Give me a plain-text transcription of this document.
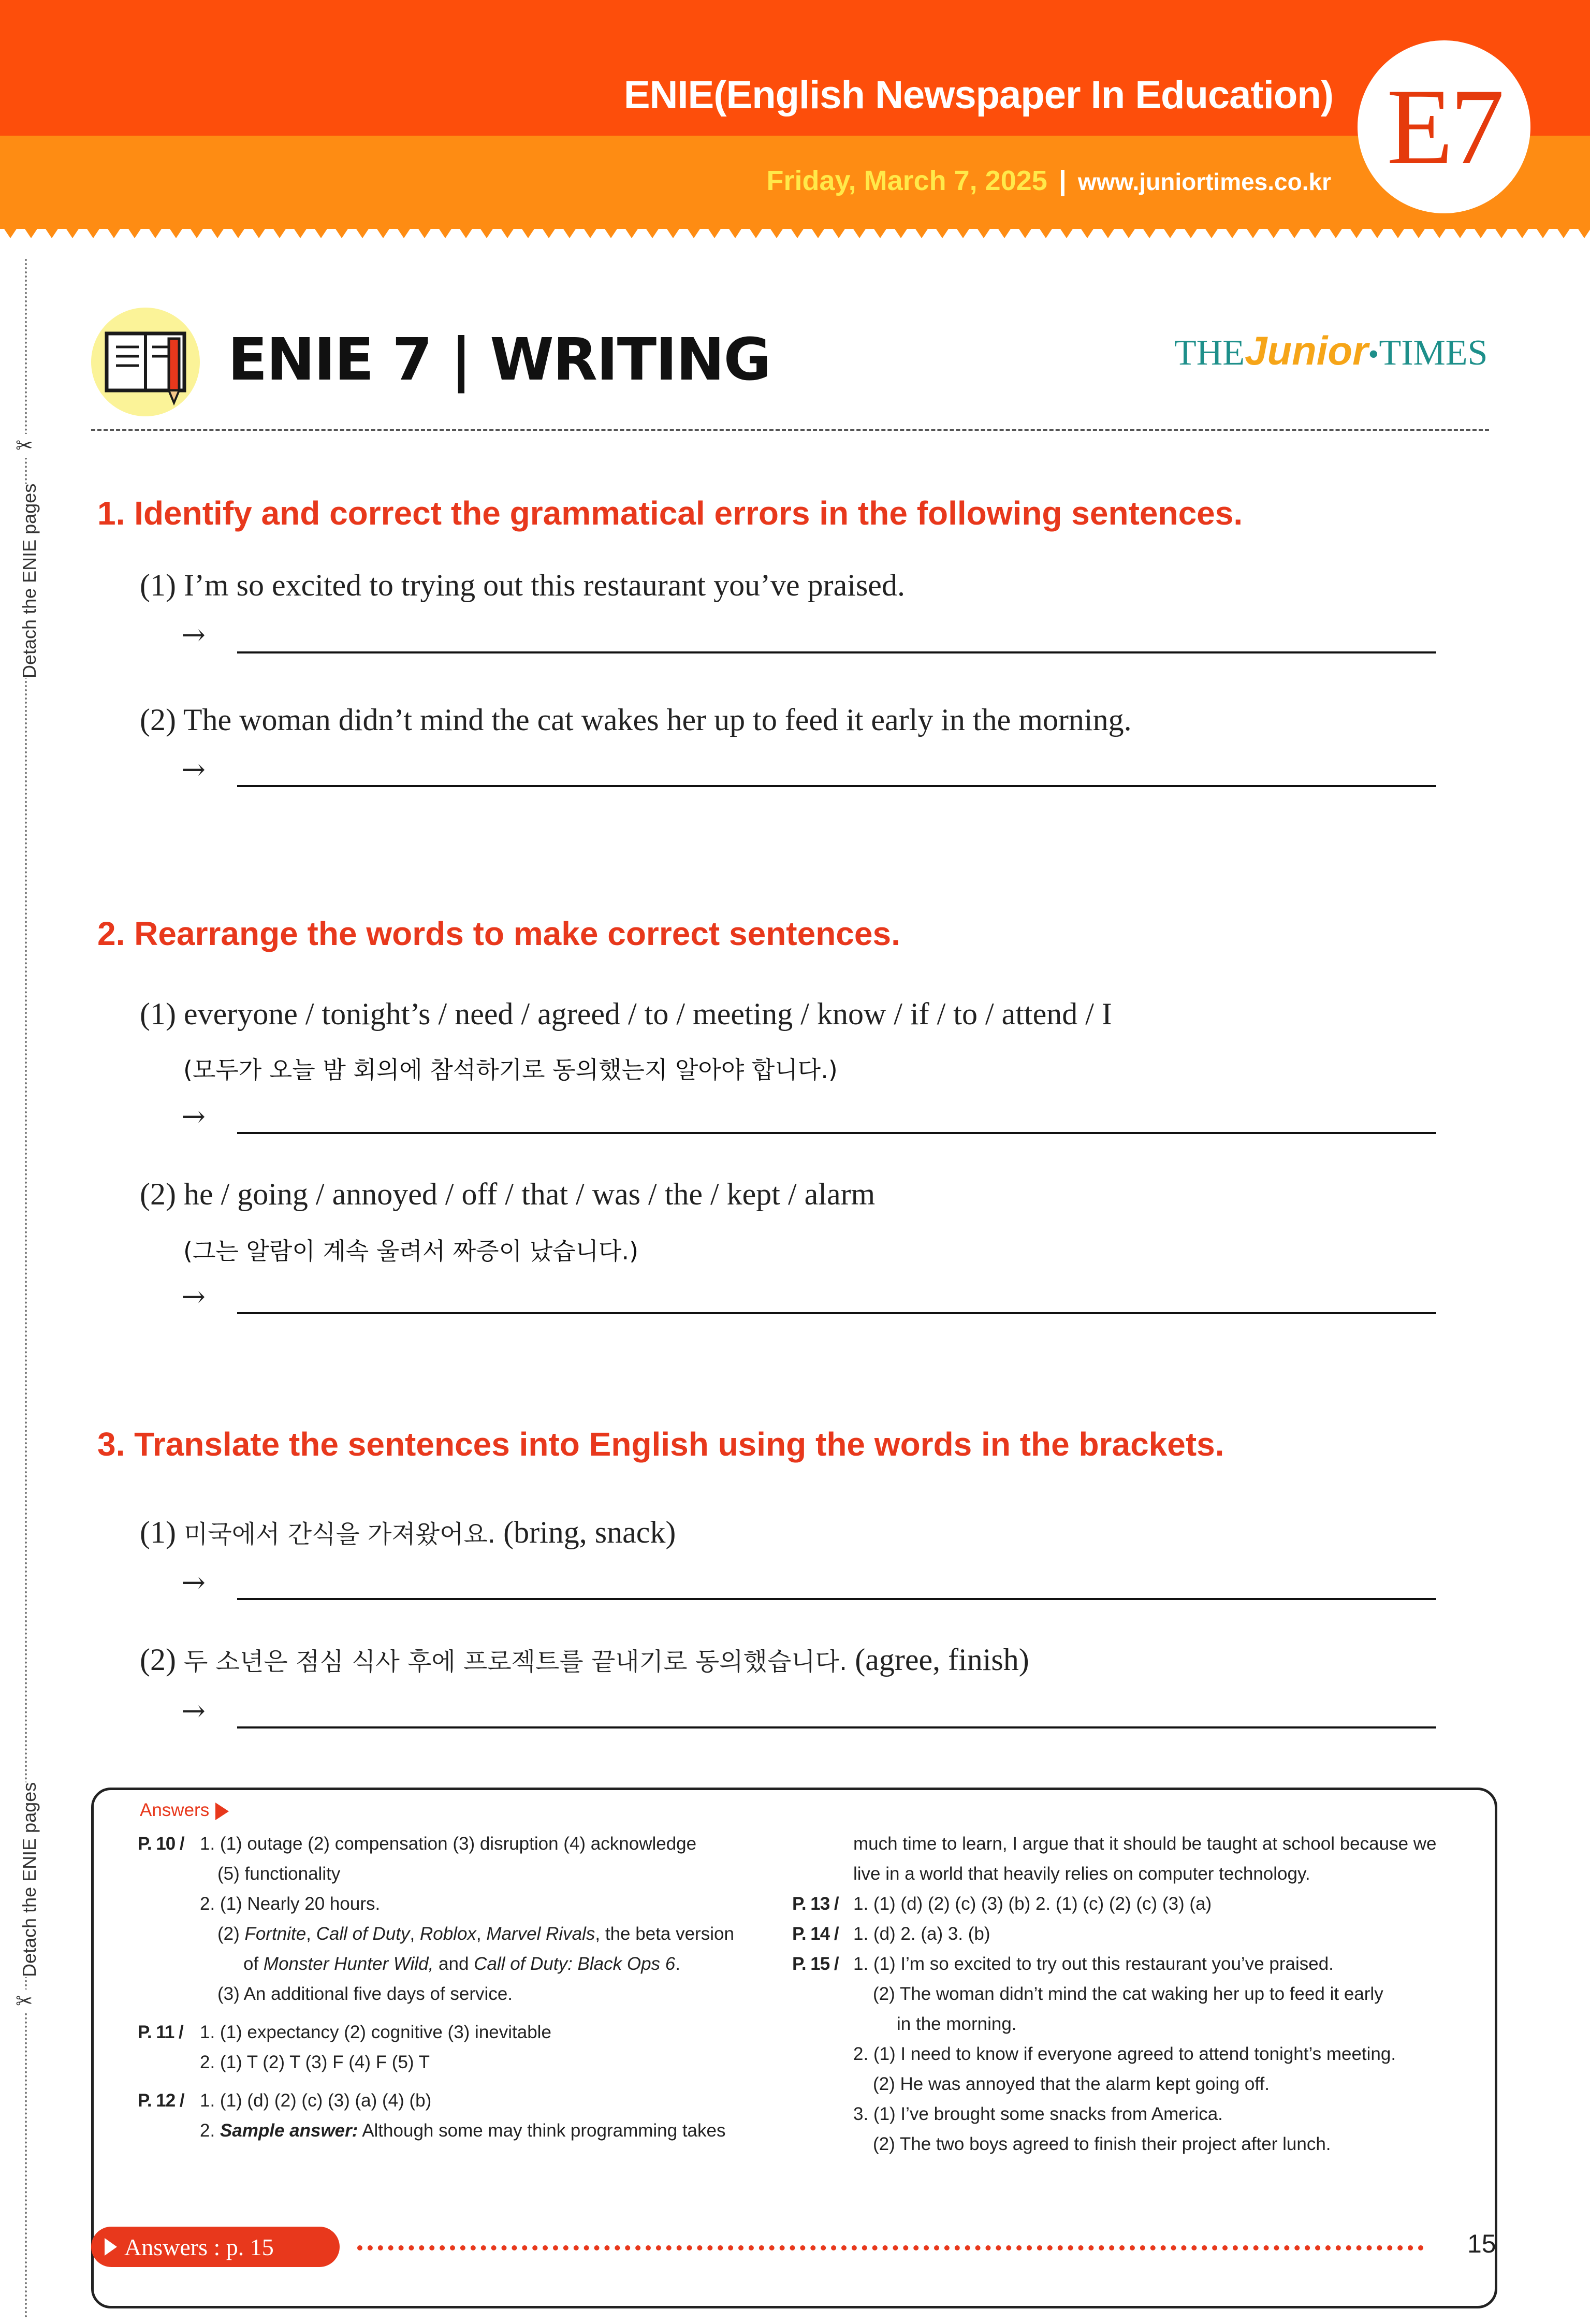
ENIE(English Newspaper In Education)
Friday, March 7, 2025 | www.juniortimes.co.kr E7
Detach the ENIE pages
✂
Detach the ENIE pages
✂
ENIE 7 | WRITING	THEJunior•TIMES
1. Identify and correct the grammatical errors in the following sentences.
(1) I’m so excited to trying out this restaurant you’ve praised.
→
(2) The woman didn’t mind the cat wakes her up to feed it early in the morning.
→
2. Rearrange the words to make correct sentences.
(1) everyone / tonight’s / need / agreed / to / meeting / know / if / to / attend / I
(모두가 오늘 밤 회의에 참석하기로 동의했는지 알아야 합니다.)
→
(2) he / going / annoyed / off / that / was / the / kept / alarm
(그는 알람이 계속 울려서 짜증이 났습니다.)
→
3. Translate the sentences into English using the words in the brackets.
(1) 미국에서 간식을 가져왔어요. (bring, snack)
→
(2) 두 소년은 점심 식사 후에 프로젝트를 끝내기로 동의했습니다. (agree, finish)
→
Answers
P. 10 / 1. (1) outage (2) compensation (3) disruption (4) acknowledge
(5) functionality
2. (1) Nearly 20 hours.
(2) Fortnite, Call of Duty, Roblox, Marvel Rivals, the beta version
of Monster Hunter Wild, and Call of Duty: Black Ops 6.
(3) An additional five days of service.
P. 11 / 1. (1) expectancy (2) cognitive (3) inevitable
2. (1) T (2) T (3) F (4) F (5) T
P. 12 / 1. (1) (d) (2) (c) (3) (a) (4) (b)
2. Sample answer: Although some may think programming takes
much time to learn, I argue that it should be taught at school because we
live in a world that heavily relies on computer technology.
P. 13 / 1. (1) (d) (2) (c) (3) (b) 2. (1) (c) (2) (c) (3) (a)
P. 14 / 1. (d) 2. (a) 3. (b)
P. 15 / 1. (1) I’m so excited to try out this restaurant you’ve praised.
(2) The woman didn’t mind the cat waking her up to feed it early
in the morning.
2. (1) I need to know if everyone agreed to attend tonight’s meeting.
(2) He was annoyed that the alarm kept going off.
3. (1) I’ve brought some snacks from America.
(2) The two boys agreed to finish their project after lunch.
Answers : p. 15	15
